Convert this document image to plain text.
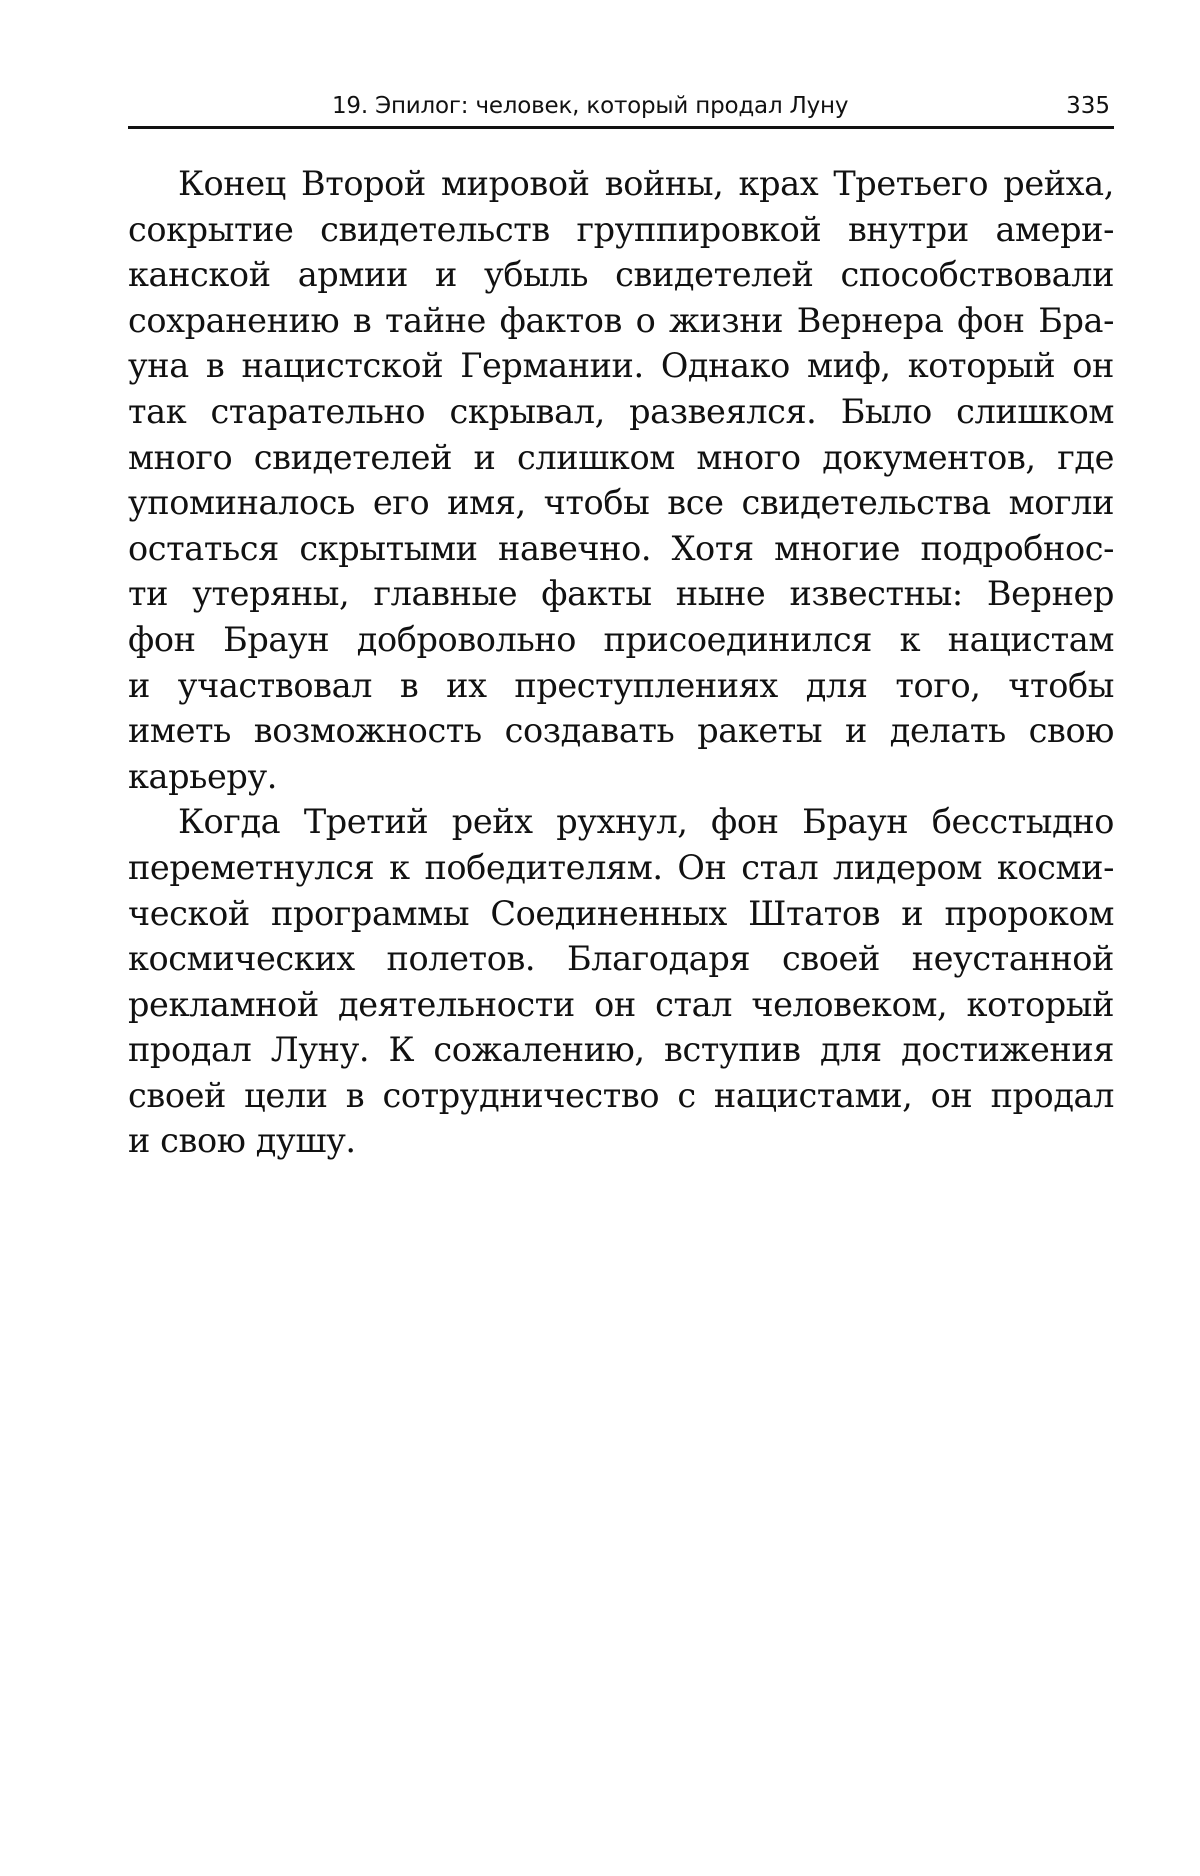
19. Эпилог: человек, который продал Луну	335

Конец Второй мировой войны, крах Третьего рейха,
сокрытие свидетельств группировкой внутри амери-
канской армии и убыль свидетелей способствовали
сохранению в тайне фактов о жизни Вернера фон Бра-
уна в нацистской Германии. Однако миф, который он
так старательно скрывал, развеялся. Было слишком
много свидетелей и слишком много документов, где
упоминалось его имя, чтобы все свидетельства могли
остаться скрытыми навечно. Хотя многие подробнос-
ти утеряны, главные факты ныне известны: Вернер
фон Браун добровольно присоединился к нацистам
и участвовал в их преступлениях для того, чтобы
иметь возможность создавать ракеты и делать свою
карьеру.

Когда Третий рейх рухнул, фон Браун бесстыдно
переметнулся к победителям. Он стал лидером косми-
ческой программы Соединенных Штатов и пророком
космических полетов. Благодаря своей неустанной
рекламной деятельности он стал человеком, который
продал Луну. К сожалению, вступив для достижения
своей цели в сотрудничество с нацистами, он продал
и свою душу.
